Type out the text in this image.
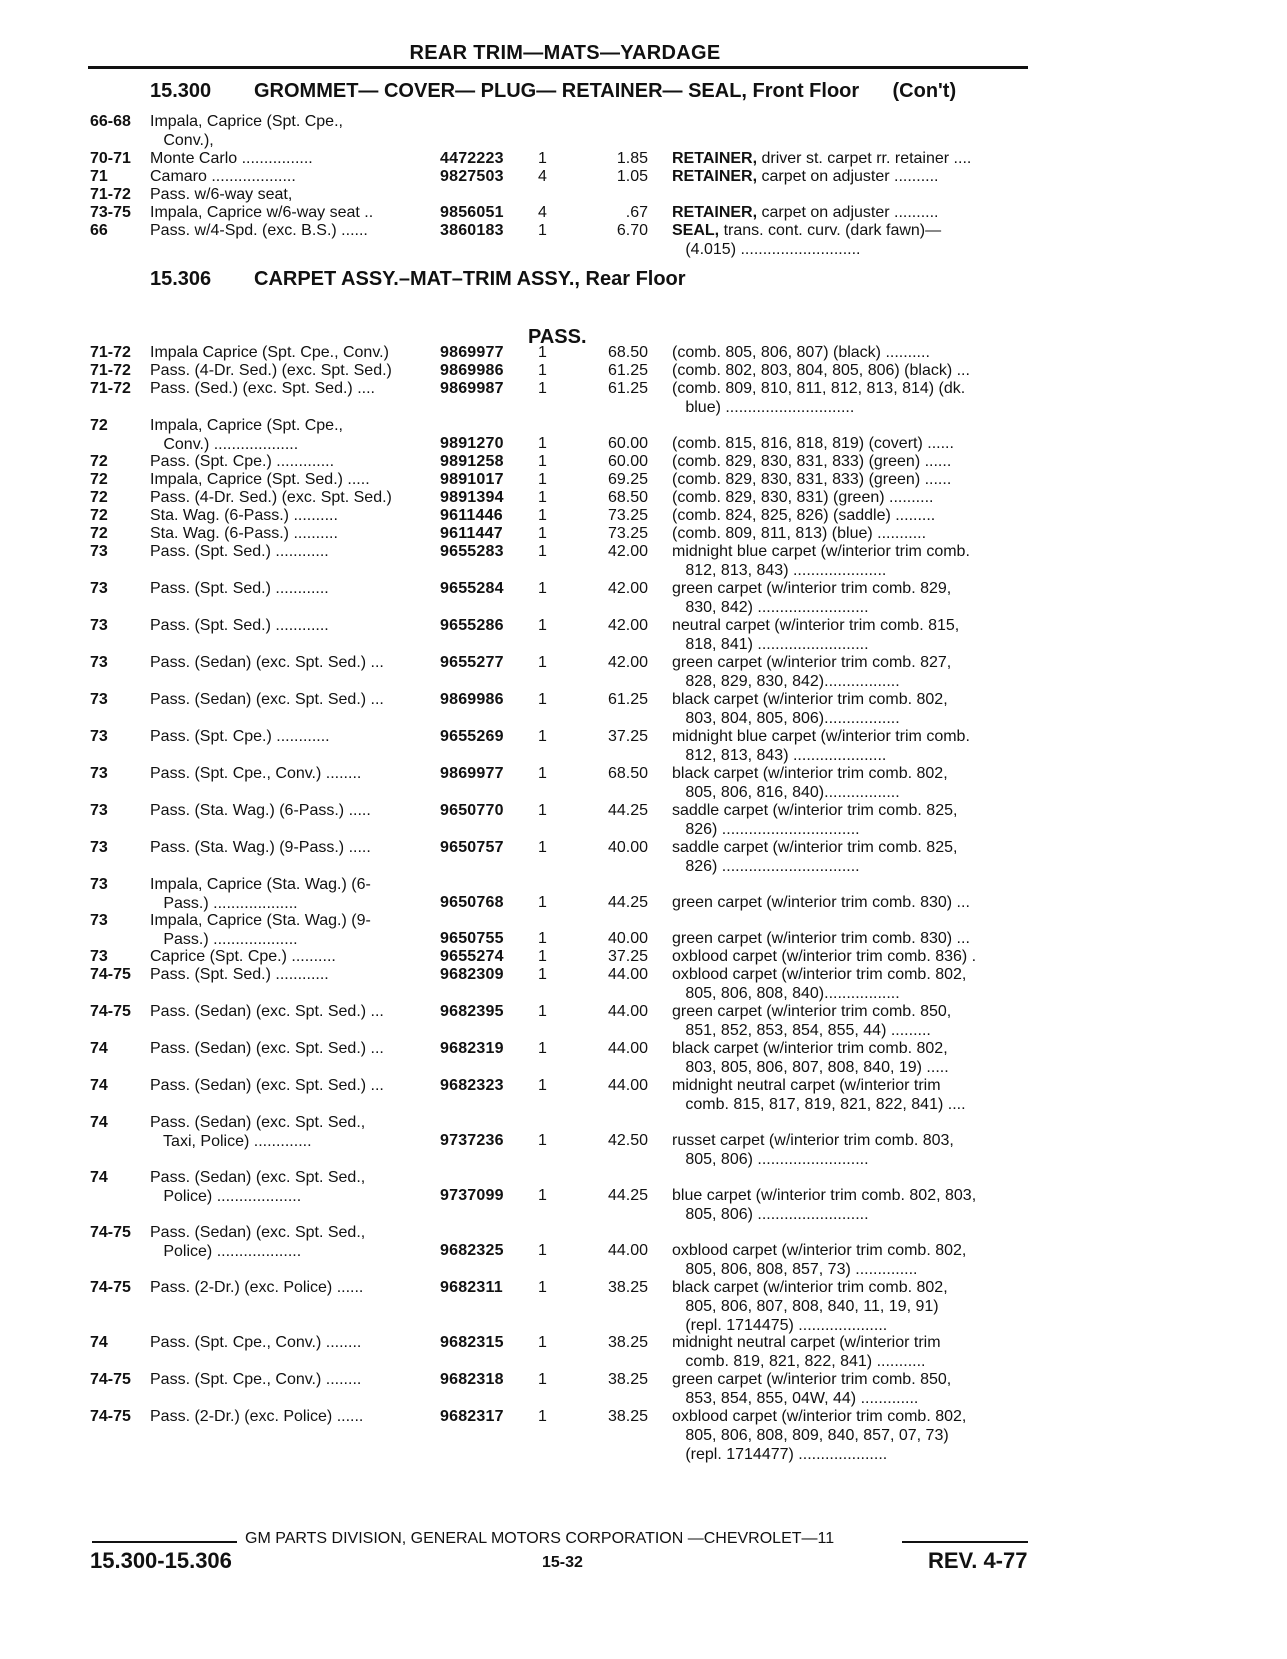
REAR TRIM—MATS—YARDAGE
15.300 GROMMET— COVER— PLUG— RETAINER— SEAL, Front Floor      (Con't)
15.306 CARPET ASSY.–MAT–TRIM ASSY., Rear Floor
PASS.
66-68	Impala, Caprice (Spt. Cpe.,
Conv.),
70-71	Monte Carlo ................	4472223	1	1.85 RETAINER, driver st. carpet rr. retainer ....
71	Camaro ...................	9827503	4	1.05 RETAINER, carpet on adjuster ..........
71-72	Pass. w/6-way seat,
73-75	Impala, Caprice w/6-way seat ..	9856051	4	.67 RETAINER, carpet on adjuster ..........
66	Pass. w/4-Spd. (exc. B.S.) ......	3860183	1	6.70 SEAL, trans. cont. curv. (dark fawn)—
(4.015) ...........................
71-72	Impala Caprice (Spt. Cpe., Conv.)	9869977	1	68.50 (comb. 805, 806, 807) (black) ..........
71-72	Pass. (4-Dr. Sed.) (exc. Spt. Sed.)	9869986	1	61.25 (comb. 802, 803, 804, 805, 806) (black) ...
71-72	Pass. (Sed.) (exc. Spt. Sed.) ....	9869987	1	61.25 (comb. 809, 810, 811, 812, 813, 814) (dk.
blue) .............................
72	Impala, Caprice (Spt. Cpe.,
Conv.) ...................	9891270	1	60.00 (comb. 815, 816, 818, 819) (covert) ......
72	Pass. (Spt. Cpe.) .............	9891258	1	60.00 (comb. 829, 830, 831, 833) (green) ......
72	Impala, Caprice (Spt. Sed.) .....	9891017	1	69.25 (comb. 829, 830, 831, 833) (green) ......
72	Pass. (4-Dr. Sed.) (exc. Spt. Sed.)	9891394	1	68.50 (comb. 829, 830, 831) (green) ..........
72	Sta. Wag. (6-Pass.) ..........	9611446	1	73.25 (comb. 824, 825, 826) (saddle) .........
72	Sta. Wag. (6-Pass.) ..........	9611447	1	73.25 (comb. 809, 811, 813) (blue) ...........
73	Pass. (Spt. Sed.) ............	9655283	1	42.00 midnight blue carpet (w/interior trim comb.
812, 813, 843) .....................
73	Pass. (Spt. Sed.) ............	9655284	1	42.00 green carpet (w/interior trim comb. 829,
830, 842) .........................
73	Pass. (Spt. Sed.) ............	9655286	1	42.00 neutral carpet (w/interior trim comb. 815,
818, 841) .........................
73	Pass. (Sedan) (exc. Spt. Sed.) ...	9655277	1	42.00 green carpet (w/interior trim comb. 827,
828, 829, 830, 842).................
73	Pass. (Sedan) (exc. Spt. Sed.) ...	9869986	1	61.25 black carpet (w/interior trim comb. 802,
803, 804, 805, 806).................
73	Pass. (Spt. Cpe.) ............	9655269	1	37.25 midnight blue carpet (w/interior trim comb.
812, 813, 843) .....................
73	Pass. (Spt. Cpe., Conv.) ........	9869977	1	68.50 black carpet (w/interior trim comb. 802,
805, 806, 816, 840).................
73	Pass. (Sta. Wag.) (6-Pass.) .....	9650770	1	44.25 saddle carpet (w/interior trim comb. 825,
826) ...............................
73	Pass. (Sta. Wag.) (9-Pass.) .....	9650757	1	40.00 saddle carpet (w/interior trim comb. 825,
826) ...............................
73	Impala, Caprice (Sta. Wag.) (6-
Pass.) ...................	9650768	1	44.25 green carpet (w/interior trim comb. 830) ...
73	Impala, Caprice (Sta. Wag.) (9-
Pass.) ...................	9650755	1	40.00 green carpet (w/interior trim comb. 830) ...
73	Caprice (Spt. Cpe.) ..........	9655274	1	37.25 oxblood carpet (w/interior trim comb. 836) .
74-75	Pass. (Spt. Sed.) ............	9682309	1	44.00 oxblood carpet (w/interior trim comb. 802,
805, 806, 808, 840).................
74-75	Pass. (Sedan) (exc. Spt. Sed.) ...	9682395	1	44.00 green carpet (w/interior trim comb. 850,
851, 852, 853, 854, 855, 44) .........
74	Pass. (Sedan) (exc. Spt. Sed.) ...	9682319	1	44.00 black carpet (w/interior trim comb. 802,
803, 805, 806, 807, 808, 840, 19) .....
74	Pass. (Sedan) (exc. Spt. Sed.) ...	9682323	1	44.00 midnight neutral carpet (w/interior trim
comb. 815, 817, 819, 821, 822, 841) ....
74	Pass. (Sedan) (exc. Spt. Sed.,
Taxi, Police) .............	9737236	1	42.50 russet carpet (w/interior trim comb. 803,
805, 806) .........................
74	Pass. (Sedan) (exc. Spt. Sed.,
Police) ...................	9737099	1	44.25 blue carpet (w/interior trim comb. 802, 803,
805, 806) .........................
74-75	Pass. (Sedan) (exc. Spt. Sed.,
Police) ...................	9682325	1	44.00 oxblood carpet (w/interior trim comb. 802,
805, 806, 808, 857, 73) ..............
74-75	Pass. (2-Dr.) (exc. Police) ......	9682311	1	38.25 black carpet (w/interior trim comb. 802,
805, 806, 807, 808, 840, 11, 19, 91)
(repl. 1714475) ....................
74	Pass. (Spt. Cpe., Conv.) ........	9682315	1	38.25 midnight neutral carpet (w/interior trim
comb. 819, 821, 822, 841) ...........
74-75	Pass. (Spt. Cpe., Conv.) ........	9682318	1	38.25 green carpet (w/interior trim comb. 850,
853, 854, 855, 04W, 44) .............
74-75	Pass. (2-Dr.) (exc. Police) ......	9682317	1	38.25 oxblood carpet (w/interior trim comb. 802,
805, 806, 808, 809, 840, 857, 07, 73)
(repl. 1714477) ....................
GM PARTS DIVISION, GENERAL MOTORS CORPORATION —CHEVROLET—11
15.300-15.306	15-32	REV. 4-77
